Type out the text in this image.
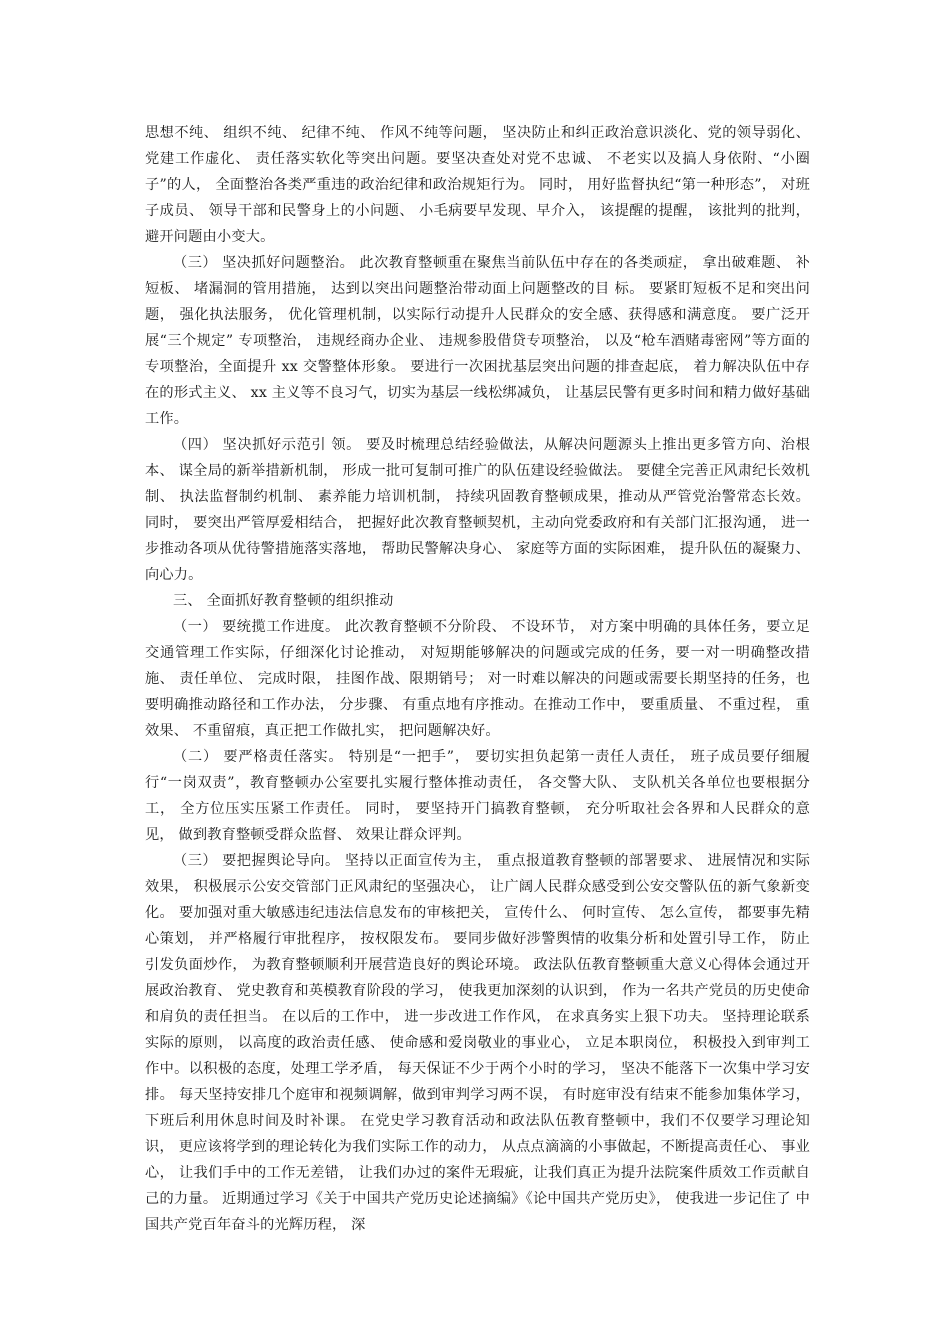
思想不纯、 组织不纯、 纪律不纯、 作风不纯等问题， 坚决防止和纠正政治意识淡化、党的领导弱化、 党建工作虚化、 责任落实软化等突出问题。要坚决查处对党不忠诚、 不老实以及搞人身依附、“小圈子”的人， 全面整治各类严重违的政治纪律和政治规矩行为。 同时， 用好监督执纪“第一种形态”， 对班子成员、 领导干部和民警身上的小问题、 小毛病要早发现、早介入， 该提醒的提醒， 该批判的批判， 避开问题由小变大。

（三） 坚决抓好问题整治。 此次教育整顿重在聚焦当前队伍中存在的各类顽症， 拿出破难题、 补短板、 堵漏洞的管用措施， 达到以突出问题整治带动面上问题整改的目 标。 要紧盯短板不足和突出问题， 强化执法服务， 优化管理机制，以实际行动提升人民群众的安全感、获得感和满意度。 要广泛开展“三个规定” 专项整治， 违规经商办企业、 违规参股借贷专项整治， 以及“枪车酒赌毒密网”等方面的专项整治，全面提升 xx 交警整体形象。 要进行一次困扰基层突出问题的排查起底， 着力解决队伍中存在的形式主义、 xx 主义等不良习气，切实为基层一线松绑减负， 让基层民警有更多时间和精力做好基础工作。

（四） 坚决抓好示范引 领。 要及时梳理总结经验做法，从解决问题源头上推出更多管方向、治根本、 谋全局的新举措新机制， 形成一批可复制可推广的队伍建设经验做法。 要健全完善正风肃纪长效机制、 执法监督制约机制、 素养能力培训机制， 持续巩固教育整顿成果，推动从严管党治警常态长效。 同时， 要突出严管厚爱相结合， 把握好此次教育整顿契机，主动向党委政府和有关部门汇报沟通， 进一步推动各项从优待警措施落实落地， 帮助民警解决身心、 家庭等方面的实际困难， 提升队伍的凝聚力、 向心力。

三、 全面抓好教育整顿的组织推动

（一） 要统揽工作进度。 此次教育整顿不分阶段、 不设环节， 对方案中明确的具体任务，要立足交通管理工作实际，仔细深化讨论推动， 对短期能够解决的问题或完成的任务，要一对一明确整改措施、 责任单位、 完成时限， 挂图作战、限期销号； 对一时难以解决的问题或需要长期坚持的任务，也要明确推动路径和工作办法， 分步骤、 有重点地有序推动。在推动工作中， 要重质量、 不重过程， 重效果、 不重留痕，真正把工作做扎实， 把问题解决好。

（二） 要严格责任落实。 特别是“一把手”， 要切实担负起第一责任人责任， 班子成员要仔细履行“一岗双责”，教育整顿办公室要扎实履行整体推动责任， 各交警大队、 支队机关各单位也要根据分工， 全方位压实压紧工作责任。 同时， 要坚持开门搞教育整顿， 充分听取社会各界和人民群众的意见， 做到教育整顿受群众监督、 效果让群众评判。

（三） 要把握舆论导向。 坚持以正面宣传为主， 重点报道教育整顿的部署要求、 进展情况和实际效果， 积极展示公安交管部门正风肃纪的坚强决心， 让广阔人民群众感受到公安交警队伍的新气象新变化。 要加强对重大敏感违纪违法信息发布的审核把关， 宣传什么、 何时宣传、 怎么宣传， 都要事先精心策划， 并严格履行审批程序， 按权限发布。 要同步做好涉警舆情的收集分析和处置引导工作， 防止引发负面炒作， 为教育整顿顺利开展营造良好的舆论环境。 政法队伍教育整顿重大意义心得体会通过开展政治教育、 党史教育和英模教育阶段的学习， 使我更加深刻的认识到， 作为一名共产党员的历史使命和肩负的责任担当。 在以后的工作中， 进一步改进工作作风， 在求真务实上狠下功夫。 坚持理论联系实际的原则， 以高度的政治责任感、 使命感和爱岗敬业的事业心， 立足本职岗位， 积极投入到审判工作中。以积极的态度，处理工学矛盾， 每天保证不少于两个小时的学习， 坚决不能落下一次集中学习安排。 每天坚持安排几个庭审和视频调解，做到审判学习两不误， 有时庭审没有结束不能参加集体学习，下班后利用休息时间及时补课。 在党史学习教育活动和政法队伍教育整顿中，我们不仅要学习理论知识， 更应该将学到的理论转化为我们实际工作的动力， 从点点滴滴的小事做起，不断提高责任心、 事业心， 让我们手中的工作无差错， 让我们办过的案件无瑕疵，让我们真正为提升法院案件质效工作贡献自己的力量。 近期通过学习《关于中国共产党历史论述摘编》《论中国共产党历史》， 使我进一步记住了 中国共产党百年奋斗的光辉历程， 深
